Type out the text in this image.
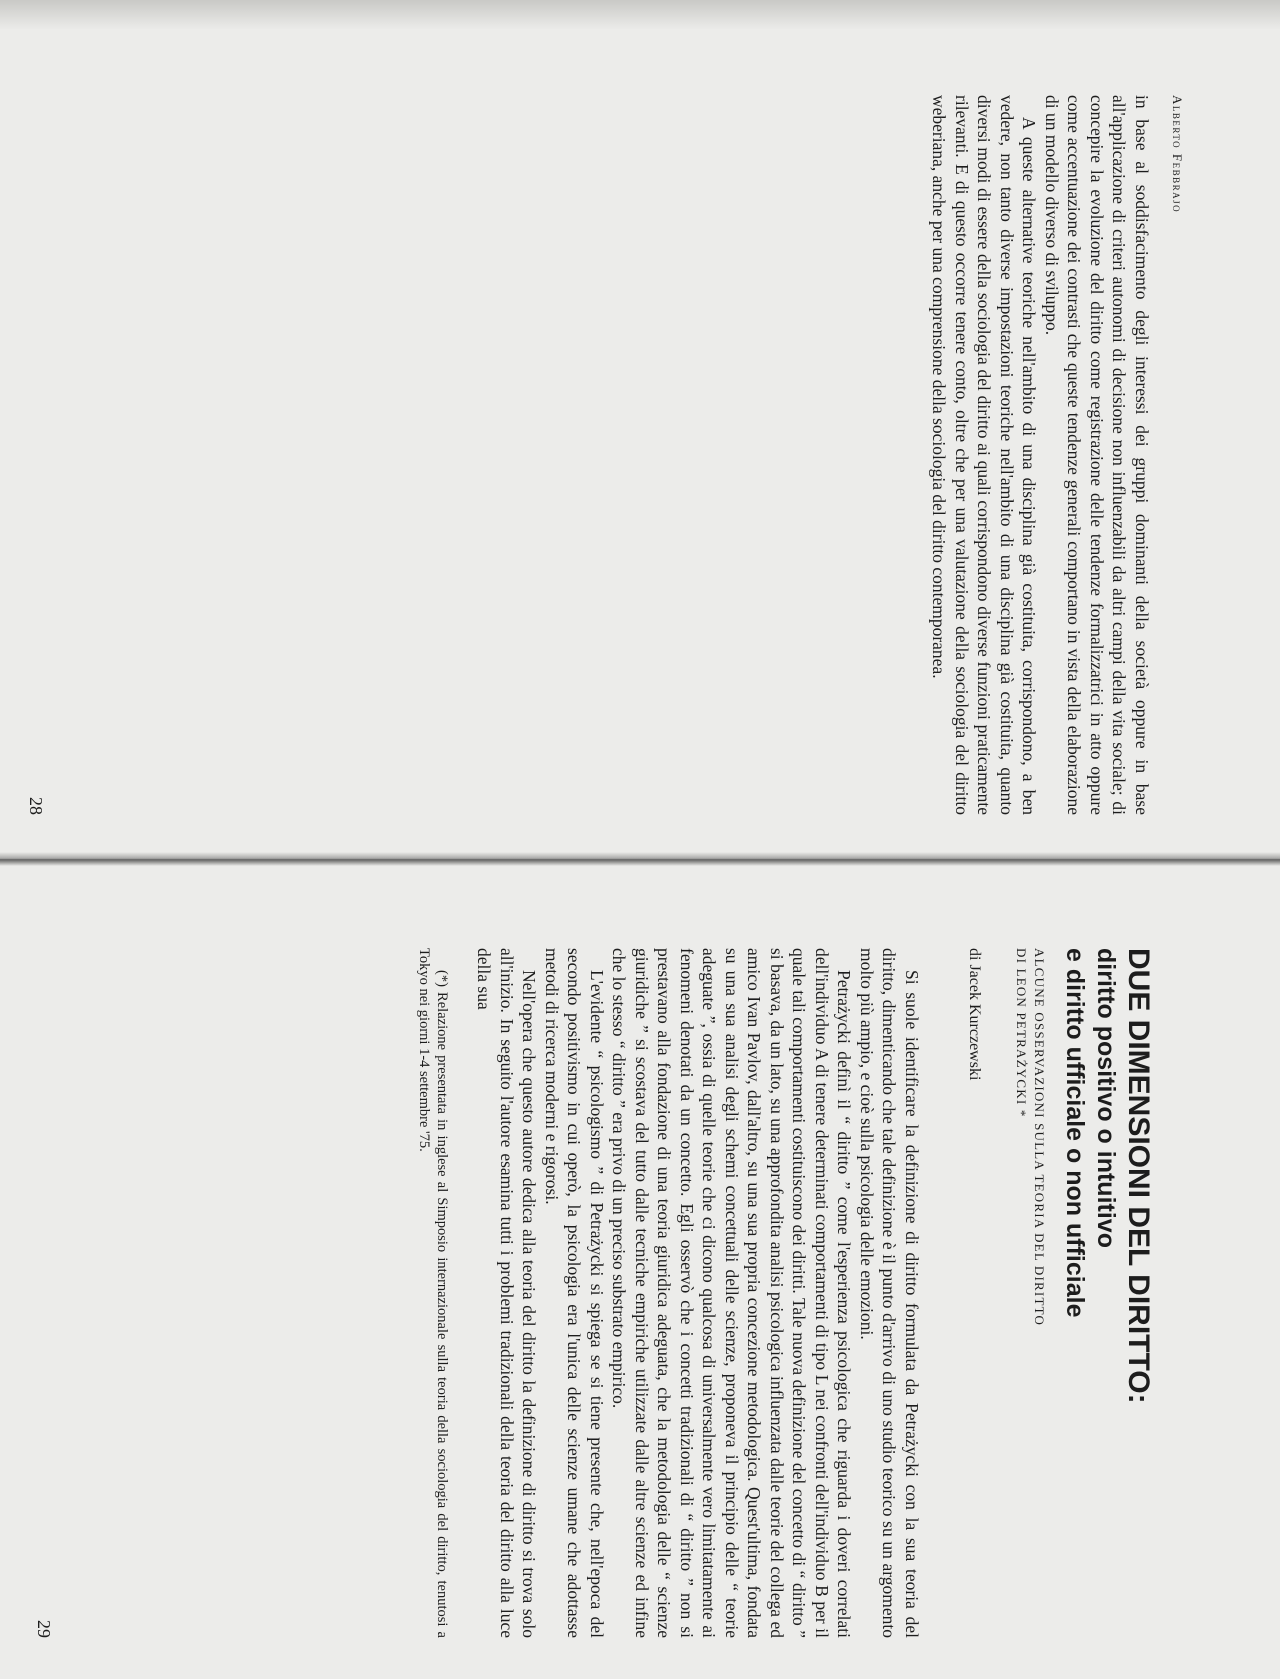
Alberto Febbrajo

in base al soddisfacimento degli interessi dei gruppi dominanti della società oppure in base all'applicazione di criteri autonomi di decisione non influenzabili da altri campi della vita sociale; di concepire la evoluzione del diritto come registrazione delle tendenze formalizzatrici in atto oppure come accentuazione dei contrasti che queste tendenze generali comportano in vista della elaborazione di un modello diverso di sviluppo.

A queste alternative teoriche nell'ambito di una disciplina già costituita, corrispondono, a ben vedere, non tanto diverse impostazioni teoriche nell'ambito di una disciplina già costituita, quanto diversi modi di essere della sociologia del diritto ai quali corrispondono diverse funzioni praticamente rilevanti. E di questo occorre tenere conto, oltre che per una valutazione della sociologia del diritto weberiana, anche per una comprensione della sociologia del diritto contemporanea.

28
DUE DIMENSIONI DEL DIRITTO:
diritto positivo o intuitivo
e diritto ufficiale o non ufficiale
ALCUNE OSSERVAZIONI SULLA TEORIA DEL DIRITTO
DI LEON PETRAŻYCKI *
di Jacek Kurczewski

Si suole identificare la definizione di diritto formulata da Petrażycki con la sua teoria del diritto, dimenticando che tale definizione è il punto d'arrivo di uno studio teorico su un argomento molto più ampio, e cioè sulla psicologia delle emozioni.

Petrażycki definì il “ diritto ” come l'esperienza psicologica che riguarda i doveri correlati dell'individuo A di tenere determinati comportamenti di tipo L nei confronti dell'individuo B per il quale tali comportamenti costituiscono dei diritti. Tale nuova definizione del concetto di “ diritto ” si basava, da un lato, su una approfondita analisi psicologica influenzata dalle teorie del collega ed amico Ivan Pavlov, dall'altro, su una sua propria concezione metodologica. Quest'ultima, fondata su una sua analisi degli schemi concettuali delle scienze, proponeva il principio delle “ teorie adeguate ”, ossia di quelle teorie che ci dicono qualcosa di universalmente vero limitatamente ai fenomeni denotati da un concetto. Egli osservò che i concetti tradizionali di “ diritto ” non si prestavano alla fondazione di una teoria giuridica adeguata, che la metodologia delle “ scienze giuridiche ” si scostava del tutto dalle tecniche empiriche utilizzate dalle altre scienze ed infine che lo stesso “ diritto ” era privo di un preciso substrato empirico.

L'evidente “ psicologismo ” di Petrażycki si spiega se si tiene presente che, nell'epoca del secondo positivismo in cui operò, la psicologia era l'unica delle scienze umane che adottasse metodi di ricerca moderni e rigorosi.

Nell'opera che questo autore dedica alla teoria del diritto la definizione di diritto si trova solo all'inizio. In seguito l'autore esamina tutti i problemi tradizionali della teoria del diritto alla luce della sua

(*) Relazione presentata in inglese al Simposio internazionale sulla teoria della sociologia del diritto, tenutosi a Tokyo nei giorni 1-4 settembre '75.

29
